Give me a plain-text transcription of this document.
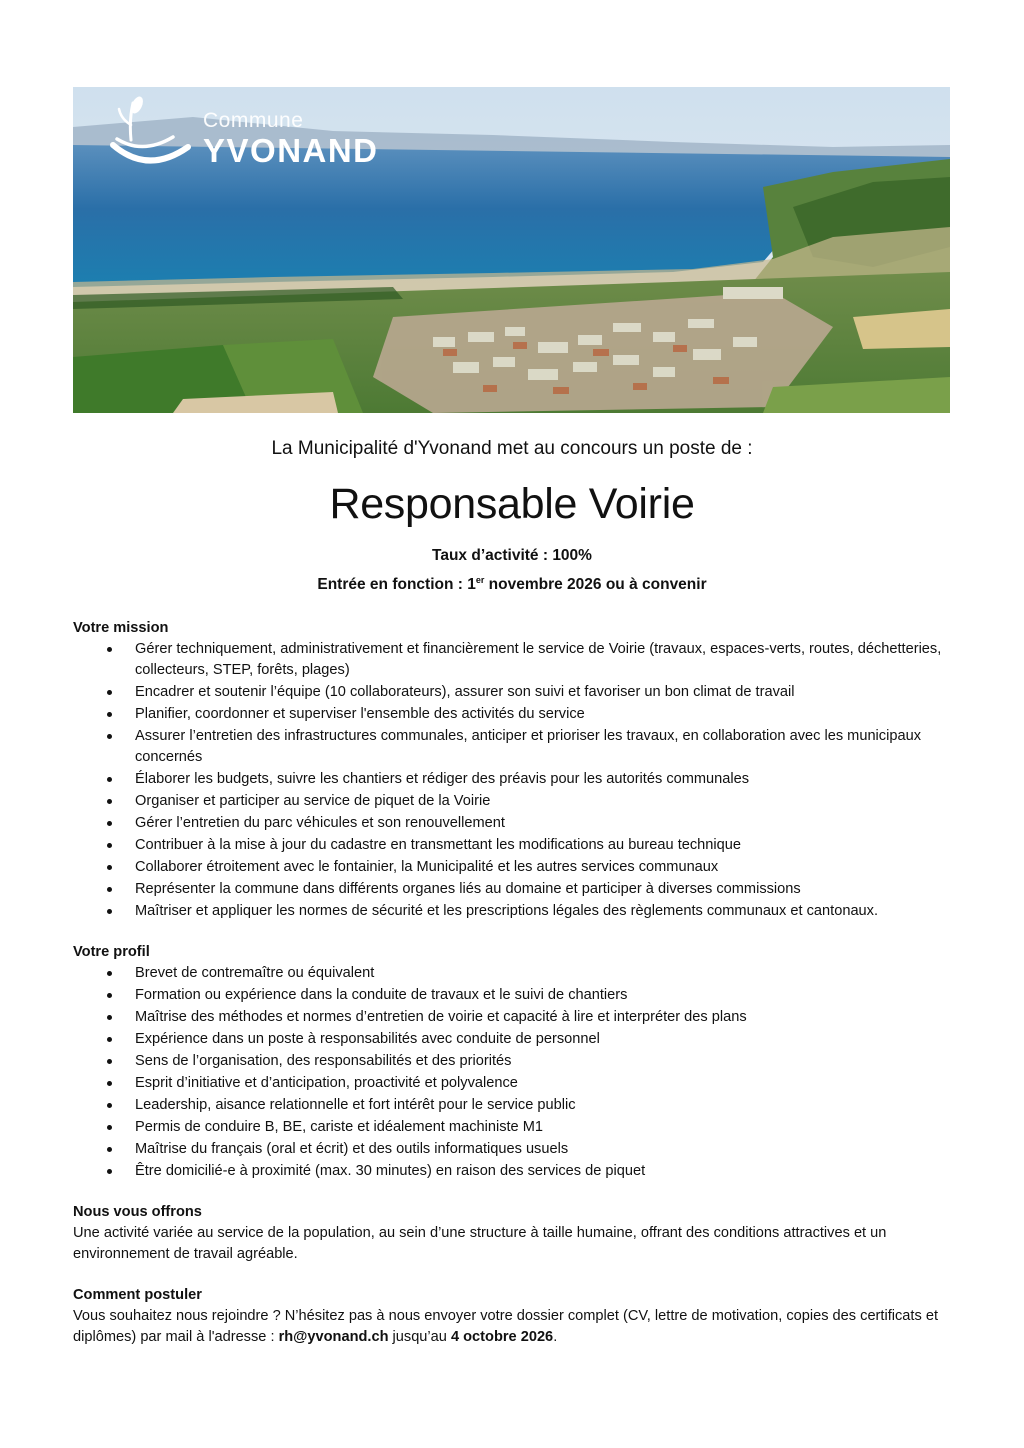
Commune
YVONAND
La Municipalité d'Yvonand met au concours un poste de :
Responsable Voirie
Taux d’activité : 100%
Entrée en fonction : 1er novembre 2026 ou à convenir
Votre mission
Gérer techniquement, administrativement et financièrement le service de Voirie (travaux, espaces-verts, routes, déchetteries, collecteurs, STEP, forêts, plages)
Encadrer et soutenir l’équipe (10 collaborateurs), assurer son suivi et favoriser un bon climat de travail
Planifier, coordonner et superviser l'ensemble des activités du service
Assurer l’entretien des infrastructures communales, anticiper et prioriser les travaux, en collaboration avec les municipaux concernés
Élaborer les budgets, suivre les chantiers et rédiger des préavis pour les autorités communales
Organiser et participer au service de piquet de la Voirie
Gérer l’entretien du parc véhicules et son renouvellement
Contribuer à la mise à jour du cadastre en transmettant les modifications au bureau technique
Collaborer étroitement avec le fontainier, la Municipalité et les autres services communaux
Représenter la commune dans différents organes liés au domaine et participer à diverses commissions
Maîtriser et appliquer les normes de sécurité et les prescriptions légales des règlements communaux et cantonaux.
Votre profil
Brevet de contremaître ou équivalent
Formation ou expérience dans la conduite de travaux et le suivi de chantiers
Maîtrise des méthodes et normes d’entretien de voirie et capacité à lire et interpréter des plans
Expérience dans un poste à responsabilités avec conduite de personnel
Sens de l’organisation, des responsabilités et des priorités
Esprit d’initiative et d’anticipation, proactivité et polyvalence
Leadership, aisance relationnelle et fort intérêt pour le service public
Permis de conduire B, BE, cariste et idéalement machiniste M1
Maîtrise du français (oral et écrit) et des outils informatiques usuels
Être domicilié-e à proximité (max. 30 minutes) en raison des services de piquet
Nous vous offrons

Une activité variée au service de la population, au sein d’une structure à taille humaine, offrant des conditions attractives et un environnement de travail agréable.

Comment postuler

Vous souhaitez nous rejoindre ? N’hésitez pas à nous envoyer votre dossier complet (CV, lettre de motivation, copies des certificats et diplômes) par mail à l'adresse : rh@yvonand.ch jusqu’au 4 octobre 2026.
